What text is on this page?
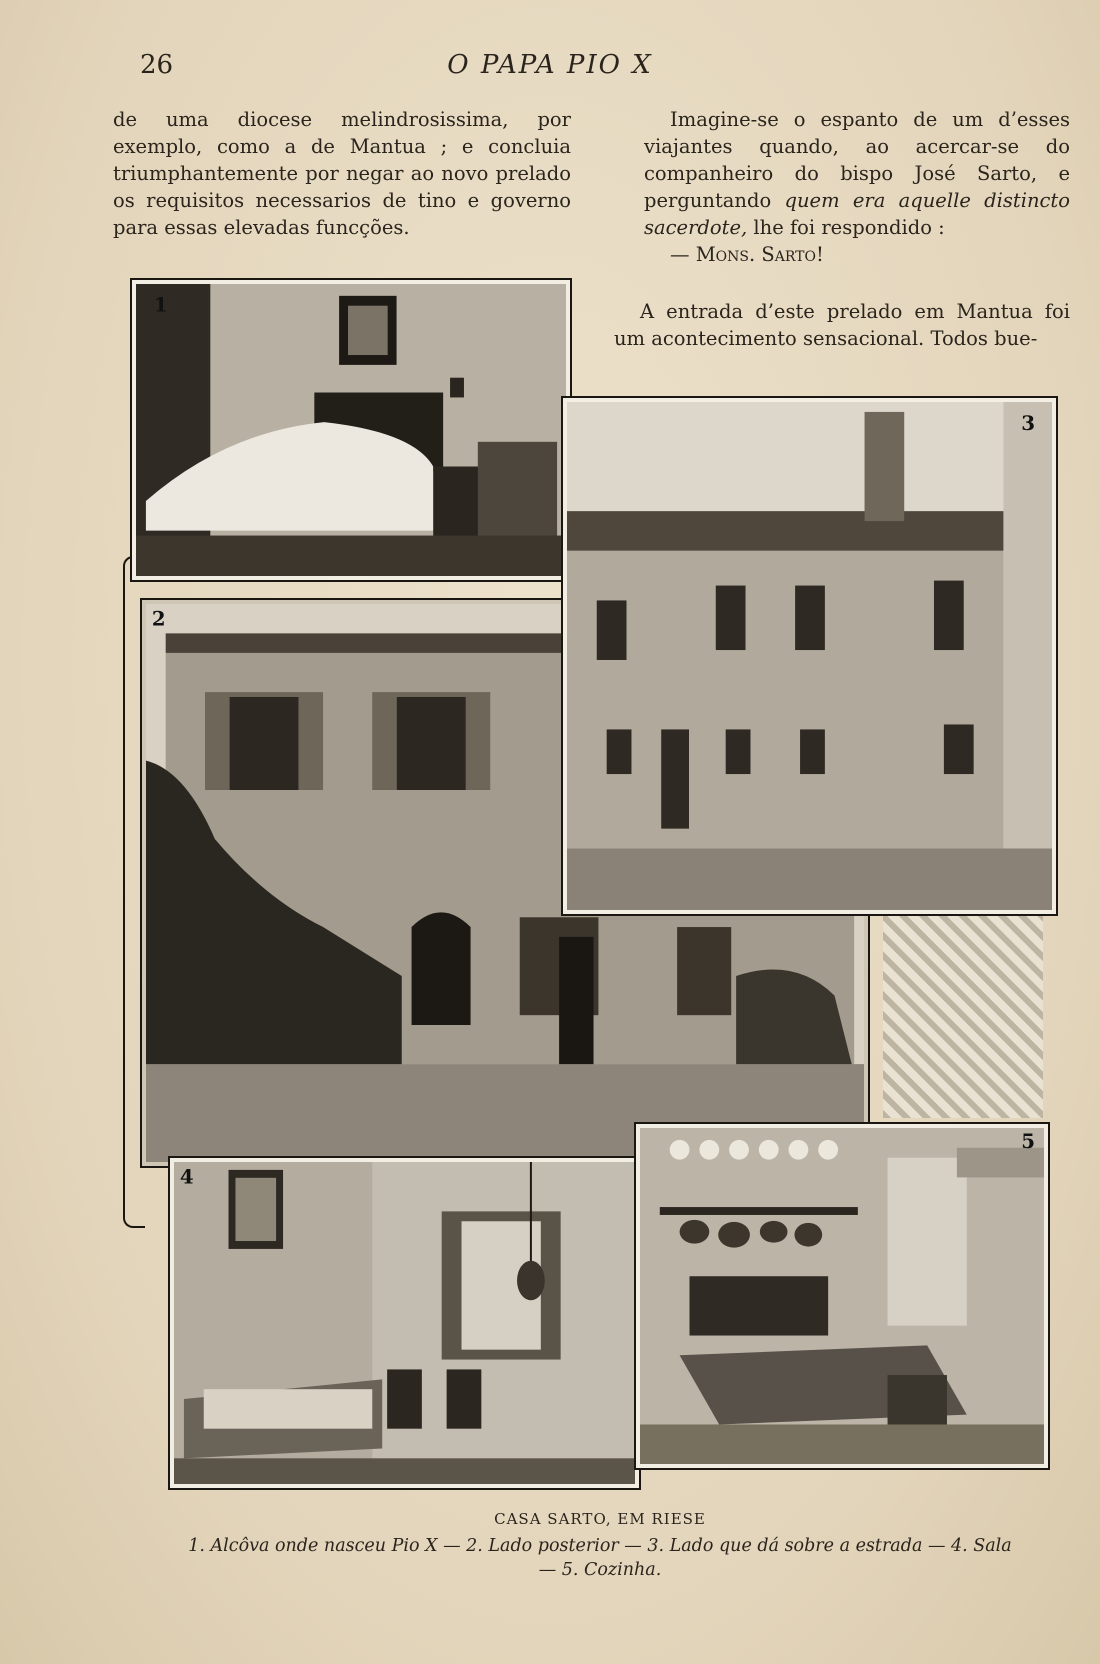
26	O PAPA PIO X

de uma diocese melindrosissima, por exemplo, como a de Mantua ; e concluia triumphantemente por negar ao novo prelado os requisitos necessarios de tino e governo para essas elevadas funcções.

Imagine-se o espanto de um d’esses viajantes quando, ao acercar-se do companheiro do bispo José Sarto, e perguntando quem era aquelle distincto sacerdote, lhe foi respondido :

— Mons. Sarto!

A entrada d’este prelado em Mantua foi um acontecimento sensacional. Todos bue-

2
1
3
4
5
CASA SARTO, EM RIESE
1. Alcôva onde nasceu Pio X — 2. Lado posterior — 3. Lado que dá sobre a estrada — 4. Sala — 5. Cozinha.
